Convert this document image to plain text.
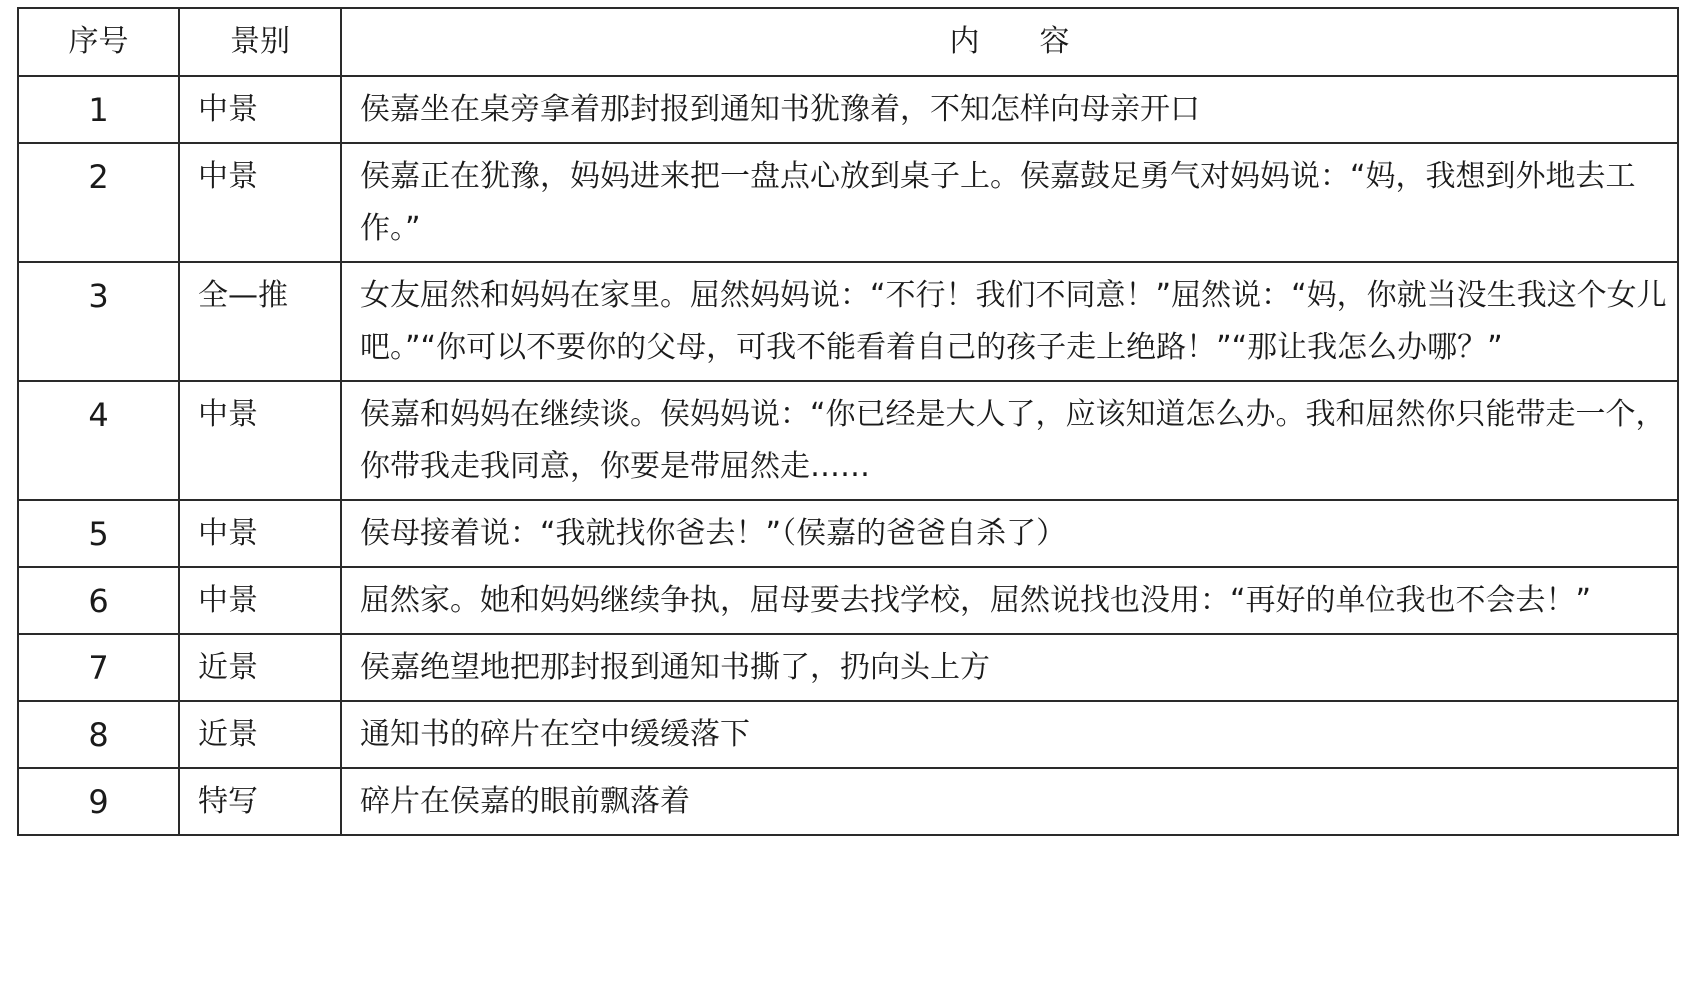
序号	景别	内　　容
1	中景	侯嘉坐在桌旁拿着那封报到通知书犹豫着，不知怎样向母亲开口
2	中景	侯嘉正在犹豫，妈妈进来把一盘点心放到桌子上。侯嘉鼓足勇气对妈妈说：“妈，我想到外地去工作。”
3	全—推	女友屈然和妈妈在家里。屈然妈妈说：“不行！我们不同意！”屈然说：“妈，你就当没生我这个女儿吧。”“你可以不要你的父母，可我不能看着自己的孩子走上绝路！”“那让我怎么办哪？”
4	中景	侯嘉和妈妈在继续谈。侯妈妈说：“你已经是大人了，应该知道怎么办。我和屈然你只能带走一个，你带我走我同意，你要是带屈然走……
5	中景	侯母接着说：“我就找你爸去！”（侯嘉的爸爸自杀了）
6	中景	屈然家。她和妈妈继续争执，屈母要去找学校，屈然说找也没用：“再好的单位我也不会去！”
7	近景	侯嘉绝望地把那封报到通知书撕了，扔向头上方
8	近景	通知书的碎片在空中缓缓落下
9	特写	碎片在侯嘉的眼前飘落着
